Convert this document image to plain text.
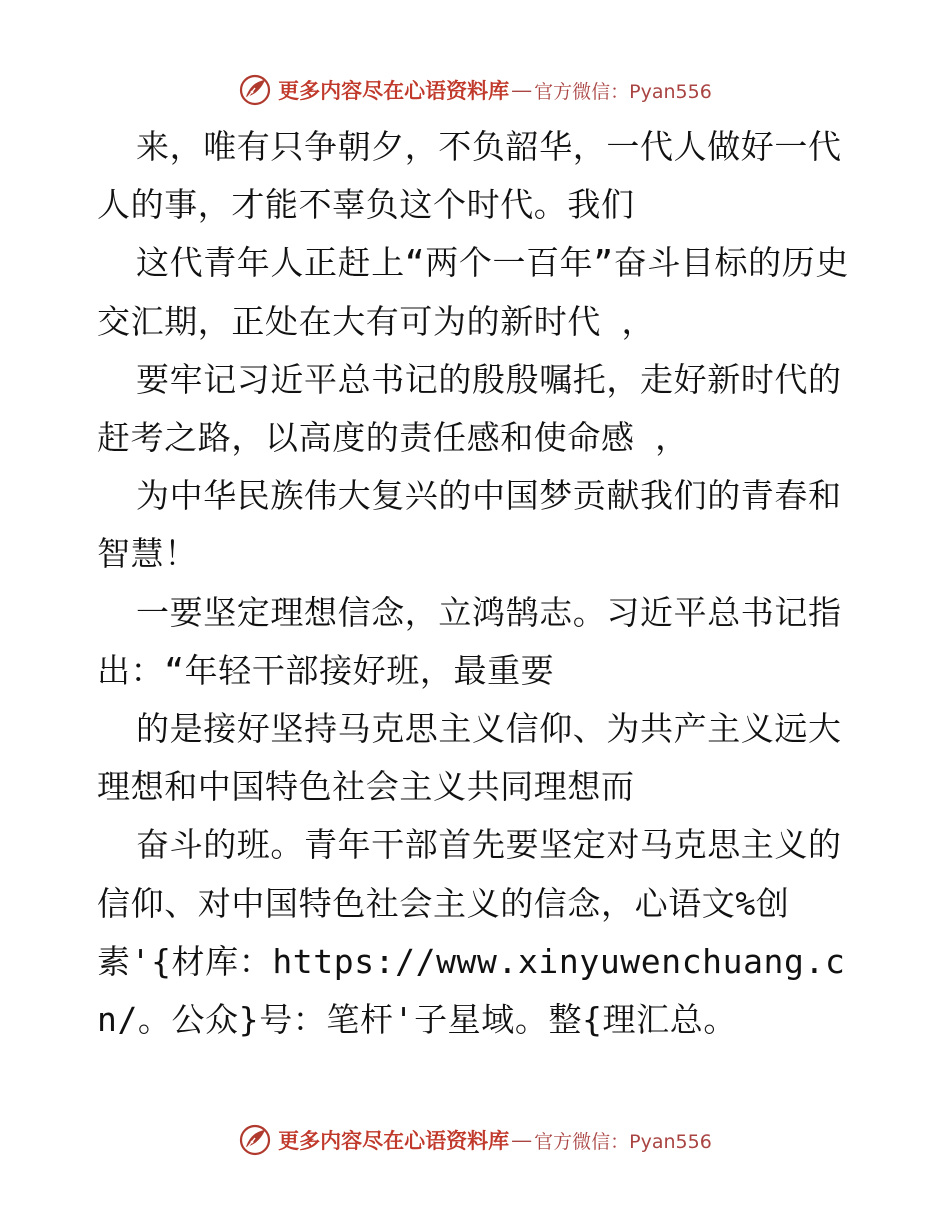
更多内容尽在心语资料库 — 官方微信：Pyan556

来，唯有只争朝夕，不负韶华，一代人做好一代人的事，才能不辜负这个时代。我们

这代青年人正赶上“两个一百年”奋斗目标的历史交汇期，正处在大有可为的新时代 ，

要牢记习近平总书记的殷殷嘱托，走好新时代的赶考之路，以高度的责任感和使命感 ，

为中华民族伟大复兴的中国梦贡献我们的青春和智慧！

一要坚定理想信念，立鸿鹄志。习近平总书记指出：“年轻干部接好班，最重要

的是接好坚持马克思主义信仰、为共产主义远大理想和中国特色社会主义共同理想而

奋斗的班。青年干部首先要坚定对马克思主义的信仰、对中国特色社会主义的信念，心语文%创素'{材库：https://www.xinyuwenchuang.cn/。公众}号：笔杆'子星域。整{理汇总。

更多内容尽在心语资料库 — 官方微信：Pyan556
